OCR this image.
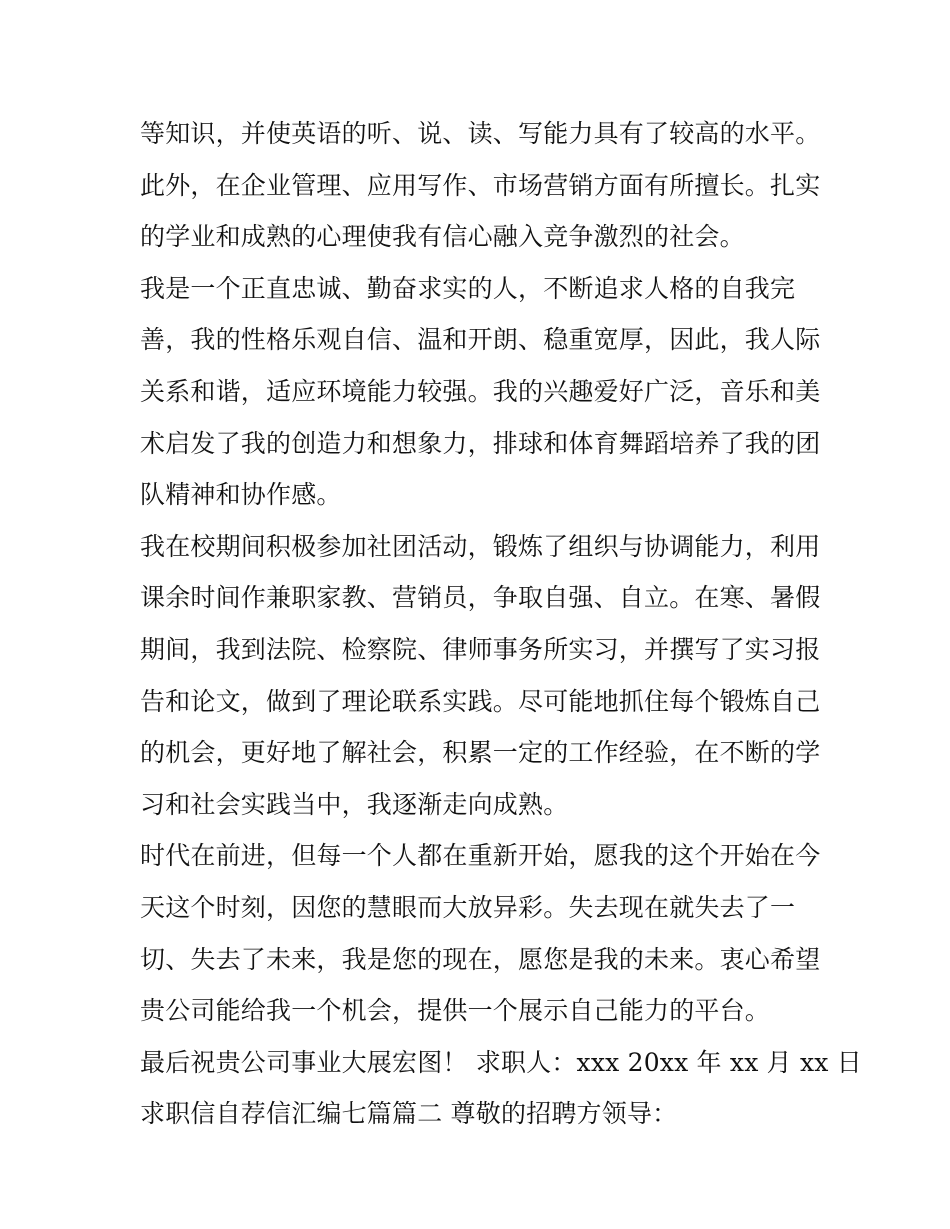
等知识，并使英语的听、说、读、写能力具有了较高的水平。
此外，在企业管理、应用写作、市场营销方面有所擅长。扎实
的学业和成熟的心理使我有信心融入竞争激烈的社会。
我是一个正直忠诚、勤奋求实的人，不断追求人格的自我完
善，我的性格乐观自信、温和开朗、稳重宽厚，因此，我人际
关系和谐，适应环境能力较强。我的兴趣爱好广泛，音乐和美
术启发了我的创造力和想象力，排球和体育舞蹈培养了我的团
队精神和协作感。
我在校期间积极参加社团活动，锻炼了组织与协调能力，利用
课余时间作兼职家教、营销员，争取自强、自立。在寒、暑假
期间，我到法院、检察院、律师事务所实习，并撰写了实习报
告和论文，做到了理论联系实践。尽可能地抓住每个锻炼自己
的机会，更好地了解社会，积累一定的工作经验，在不断的学
习和社会实践当中，我逐渐走向成熟。
时代在前进，但每一个人都在重新开始，愿我的这个开始在今
天这个时刻，因您的慧眼而大放异彩。失去现在就失去了一
切、失去了未来，我是您的现在，愿您是我的未来。衷心希望
贵公司能给我一个机会，提供一个展示自己能力的平台。
最后祝贵公司事业大展宏图！ 求职人：xxx 20xx 年 xx 月 xx 日
求职信自荐信汇编七篇篇二 尊敬的招聘方领导：
